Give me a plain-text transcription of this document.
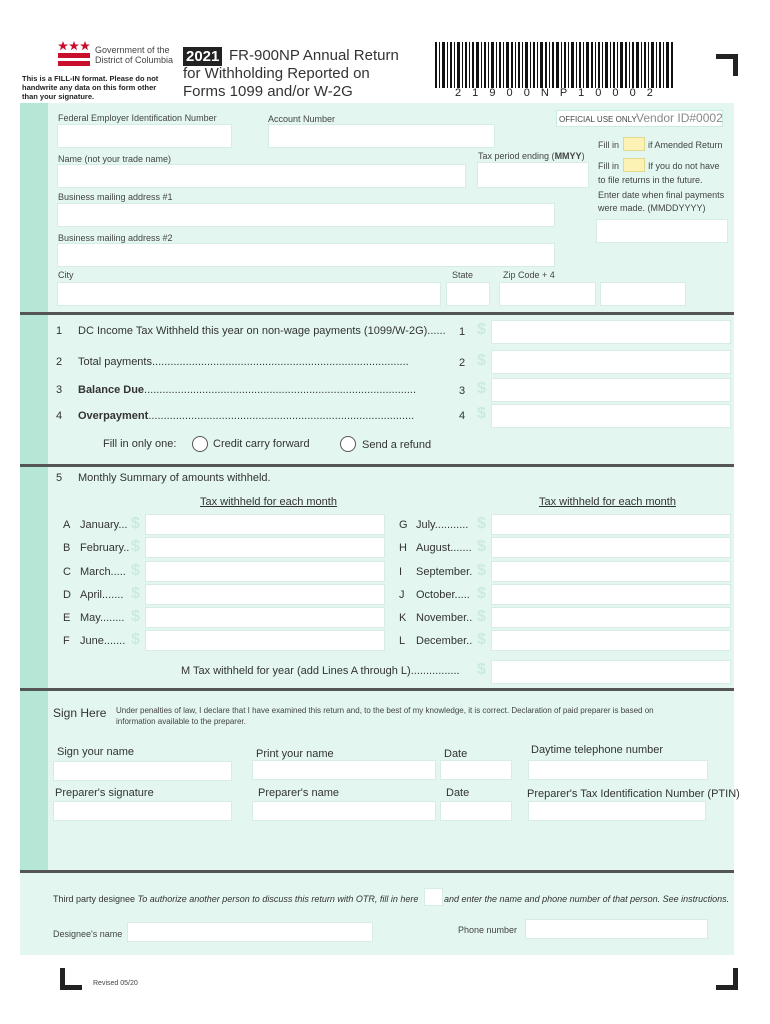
Government of the
District of Columbia
This is a FILL-IN format. Please do not
handwrite any data on this form other
than your signature.
2021 FR-900NP Annual Return
for Withholding Reported on
Forms 1099 and/or W-2G	2 1 9 0 0 N P 1 0 0 0 2
Federal Employer Identification Number	Account Number	OFFICIAL USE ONLY Vendor ID#0002
Fill in	if Amended Return
Name (not your trade name)	Tax period ending (MMYY)
Fill in	If you do not have
to file returns in the future.
Enter date when final payments
were made. (MMDDYYYY)
Business mailing address #1
Business mailing address #2
City	State	Zip Code + 4
1 DC Income Tax Withheld this year on non-wage payments (1099/W-2G)...... 1 $
2 Total payments....................................................................................	2 $
3 Balance Due.........................................................................................	3 $
4 Overpayment.......................................................................................	4 $
Fill in only one:	Credit carry forward	Send a refund
5 Monthly Summary of amounts withheld.
Tax withheld for each month	Tax withheld for each month
A January... $
B February.. $
C March..... $
D April....... $
E May........ $
F June....... $
G July........... $
H August....... $
I September. $
J October..... $
K November.. $
L December.. $
M Tax withheld for year (add Lines A through L)................ $
Sign Here Under penalties of law, I declare that I have examined this return and, to the best of my knowledge, it is correct. Declaration of paid preparer is based on
information available to the preparer.
Sign your name	Print your name	Date	Daytime telephone number
Preparer's signature	Preparer's name	Date	Preparer's Tax Identification Number (PTIN)
Third party designee To authorize another person to discuss this return with OTR, fill in here	and enter the name and phone number of that person. See instructions.
Designee's name	Phone number
Revised 05/20
